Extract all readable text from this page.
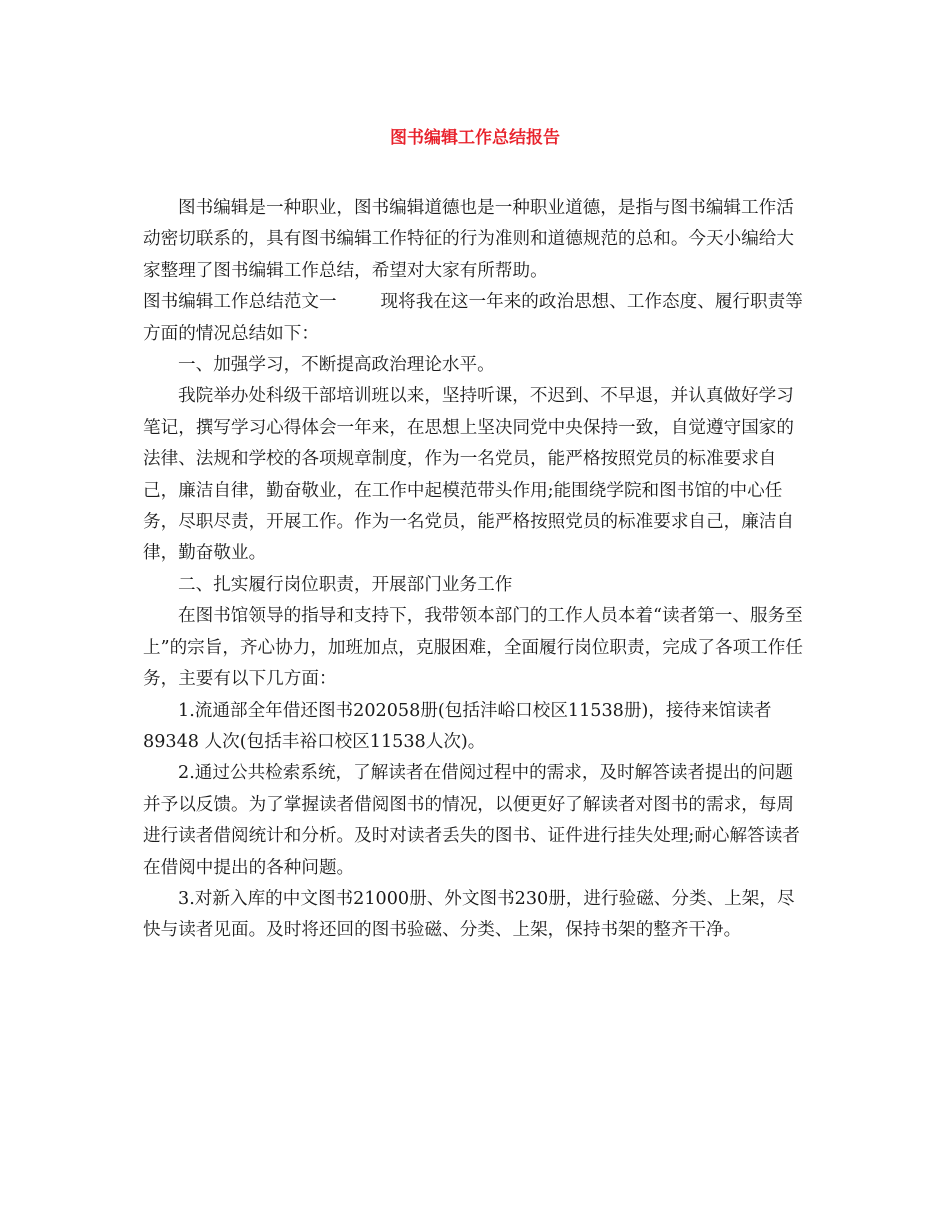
图书编辑工作总结报告

图书编辑是一种职业，图书编辑道德也是一种职业道德，是指与图书编辑工作活动密切联系的，具有图书编辑工作特征的行为准则和道德规范的总和。今天小编给大家整理了图书编辑工作总结，希望对大家有所帮助。

图书编辑工作总结范文一	现将我在这一年来的政治思想、工作态度、履行职责等方面的情况总结如下：

一、加强学习，不断提高政治理论水平。

我院举办处科级干部培训班以来，坚持听课，不迟到、不早退，并认真做好学习笔记，撰写学习心得体会一年来，在思想上坚决同党中央保持一致，自觉遵守国家的法律、法规和学校的各项规章制度，作为一名党员，能严格按照党员的标准要求自己，廉洁自律，勤奋敬业，在工作中起模范带头作用;能围绕学院和图书馆的中心任务，尽职尽责，开展工作。作为一名党员，能严格按照党员的标准要求自己，廉洁自律，勤奋敬业。

二、扎实履行岗位职责，开展部门业务工作

在图书馆领导的指导和支持下，我带领本部门的工作人员本着“读者第一、服务至上”的宗旨，齐心协力，加班加点，克服困难，全面履行岗位职责，完成了各项工作任务，主要有以下几方面：

1.流通部全年借还图书202058册(包括沣峪口校区11538册)，接待来馆读者89348 人次(包括丰裕口校区11538人次)。

2.通过公共检索系统，了解读者在借阅过程中的需求，及时解答读者提出的问题并予以反馈。为了掌握读者借阅图书的情况，以便更好了解读者对图书的需求，每周进行读者借阅统计和分析。及时对读者丢失的图书、证件进行挂失处理;耐心解答读者在借阅中提出的各种问题。

3.对新入库的中文图书21000册、外文图书230册，进行验磁、分类、上架，尽快与读者见面。及时将还回的图书验磁、分类、上架，保持书架的整齐干净。
